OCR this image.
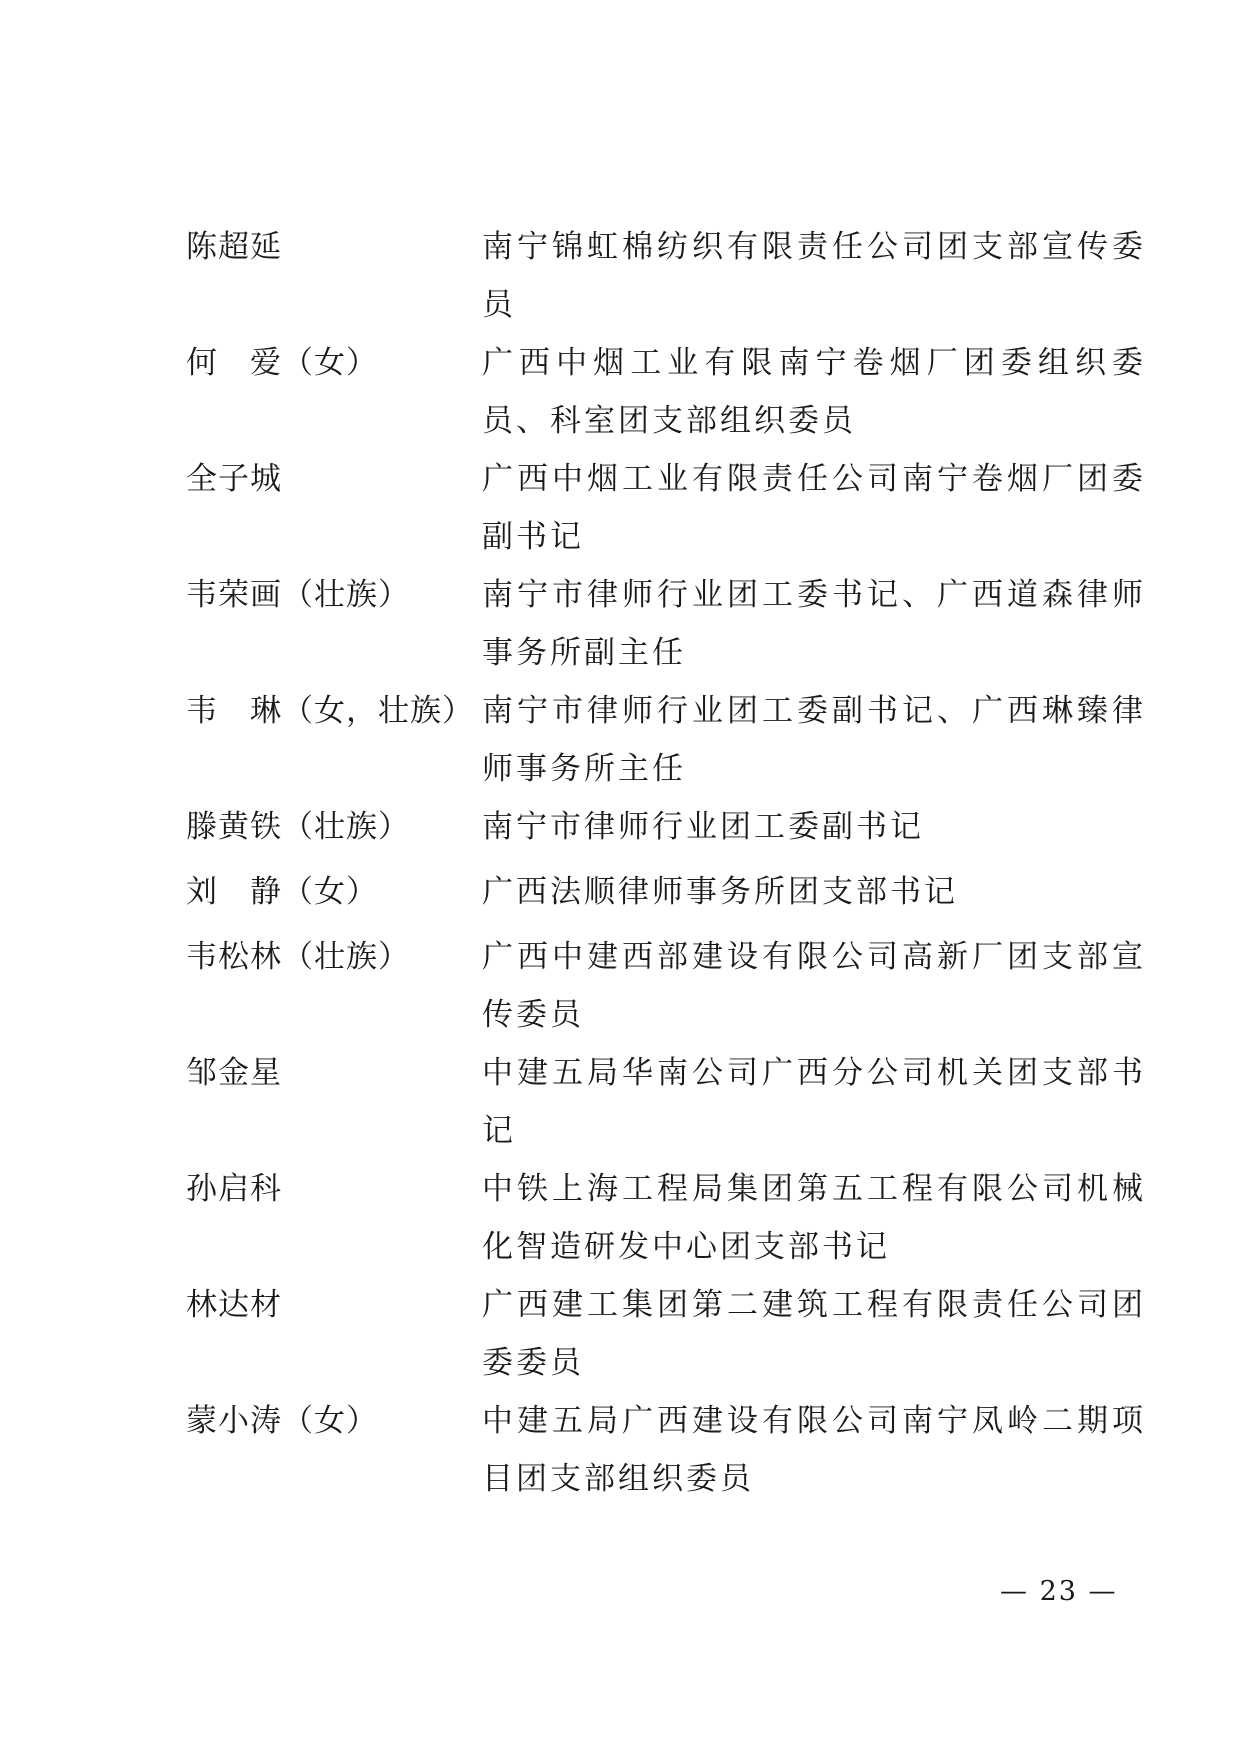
陈超延	南宁锦虹棉纺织有限责任公司团支部宣传委员
何　爱（女）	广西中烟工业有限南宁卷烟厂团委组织委员、科室团支部组织委员
全子城	广西中烟工业有限责任公司南宁卷烟厂团委副书记
韦荣画（壮族）	南宁市律师行业团工委书记、广西道森律师事务所副主任
韦　琳（女，壮族） 南宁市律师行业团工委副书记、广西琳臻律师事务所主任
滕黄铁（壮族）	南宁市律师行业团工委副书记
刘　静（女）	广西法顺律师事务所团支部书记
韦松林（壮族）	广西中建西部建设有限公司高新厂团支部宣传委员
邹金星	中建五局华南公司广西分公司机关团支部书记
孙启科	中铁上海工程局集团第五工程有限公司机械化智造研发中心团支部书记
林达材	广西建工集团第二建筑工程有限责任公司团委委员
蒙小涛（女）	中建五局广西建设有限公司南宁凤岭二期项目团支部组织委员
— 23 —
